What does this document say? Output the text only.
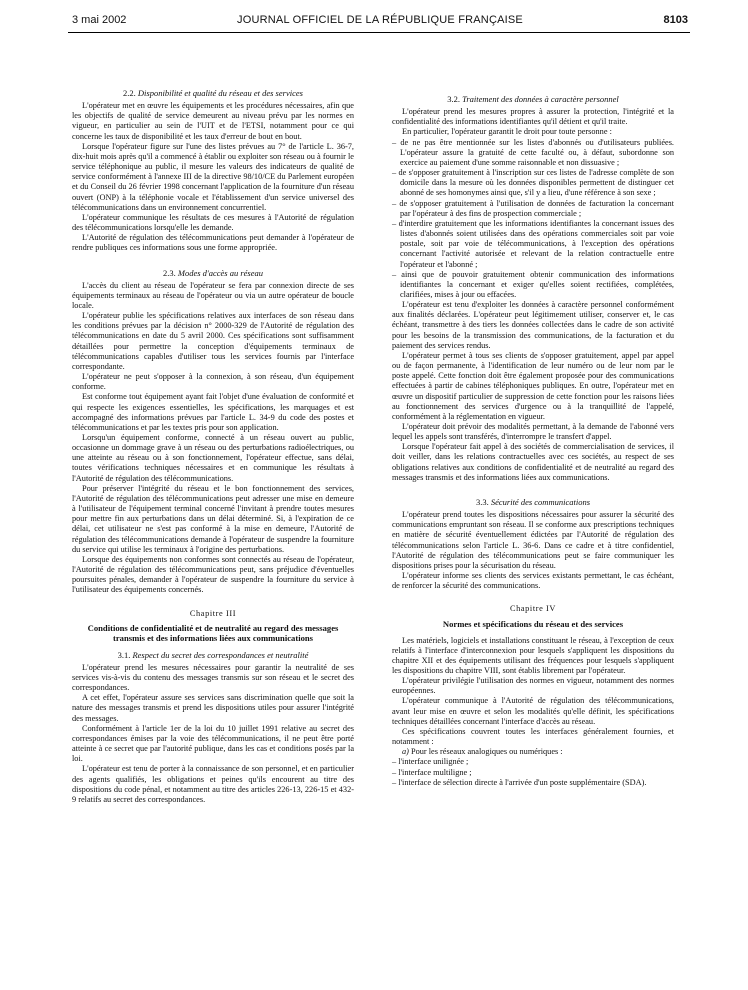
3 mai 2002	JOURNAL OFFICIEL DE LA RÉPUBLIQUE FRANÇAISE	8103
2.2. Disponibilité et qualité du réseau et des services

L'opérateur met en œuvre les équipements et les procédures nécessaires, afin que les objectifs de qualité de service demeurent au niveau prévu par les normes en vigueur, en particulier au sein de l'UIT et de l'ETSI, notamment pour ce qui concerne les taux de disponibilité et les taux d'erreur de bout en bout.

Lorsque l'opérateur figure sur l'une des listes prévues au 7° de l'article L. 36-7, dix-huit mois après qu'il a commencé à établir ou exploiter son réseau ou à fournir le service téléphonique au public, il mesure les valeurs des indicateurs de qualité de service conformément à l'annexe III de la directive 98/10/CE du Parlement européen et du Conseil du 26 février 1998 concernant l'application de la fourniture d'un réseau ouvert (ONP) à la téléphonie vocale et l'établissement d'un service universel des télécommunications dans un environnement concurrentiel.

L'opérateur communique les résultats de ces mesures à l'Autorité de régulation des télécommunications lorsqu'elle les demande.

L'Autorité de régulation des télécommunications peut demander à l'opérateur de rendre publiques ces informations sous une forme appropriée.

2.3. Modes d'accès au réseau

L'accès du client au réseau de l'opérateur se fera par connexion directe de ses équipements terminaux au réseau de l'opérateur ou via un autre opérateur de boucle locale.

L'opérateur publie les spécifications relatives aux interfaces de son réseau dans les conditions prévues par la décision n° 2000-329 de l'Autorité de régulation des télécommunications en date du 5 avril 2000. Ces spécifications sont suffisamment détaillées pour permettre la conception d'équipements terminaux de télécommunications capables d'utiliser tous les services fournis par l'interface correspondante.

L'opérateur ne peut s'opposer à la connexion, à son réseau, d'un équipement conforme.

Est conforme tout équipement ayant fait l'objet d'une évaluation de conformité et qui respecte les exigences essentielles, les spécifications, les marquages et est accompagné des informations prévues par l'article L. 34-9 du code des postes et télécommunications et par les textes pris pour son application.

Lorsqu'un équipement conforme, connecté à un réseau ouvert au public, occasionne un dommage grave à un réseau ou des perturbations radioélectriques, ou une atteinte au réseau ou à son fonctionnement, l'opérateur effectue, sans délai, toutes vérifications techniques nécessaires et en communique les résultats à l'Autorité de régulation des télécommunications.

Pour préserver l'intégrité du réseau et le bon fonctionnement des services, l'Autorité de régulation des télécommunications peut adresser une mise en demeure à l'utilisateur de l'équipement terminal concerné l'invitant à prendre toutes mesures pour mettre fin aux perturbations dans un délai déterminé. Si, à l'expiration de ce délai, cet utilisateur ne s'est pas conformé à la mise en demeure, l'Autorité de régulation des télécommunications demande à l'opérateur de suspendre la fourniture du service qui utilise les terminaux à l'origine des perturbations.

Lorsque des équipements non conformes sont connectés au réseau de l'opérateur, l'Autorité de régulation des télécommunications peut, sans préjudice d'éventuelles poursuites pénales, demander à l'opérateur de suspendre la fourniture du service à l'utilisateur des équipements concernés.

Chapitre III
Conditions de confidentialité et de neutralité au regard des messages transmis et des informations liées aux communications
3.1. Respect du secret des correspondances et neutralité

L'opérateur prend les mesures nécessaires pour garantir la neutralité de ses services vis-à-vis du contenu des messages transmis sur son réseau et le secret des correspondances.

A cet effet, l'opérateur assure ses services sans discrimination quelle que soit la nature des messages transmis et prend les dispositions utiles pour assurer l'intégrité des messages.

Conformément à l'article 1er de la loi du 10 juillet 1991 relative au secret des correspondances émises par la voie des télécommunications, il ne peut être porté atteinte à ce secret que par l'autorité publique, dans les cas et conditions posés par la loi.

L'opérateur est tenu de porter à la connaissance de son personnel, et en particulier des agents qualifiés, les obligations et peines qu'ils encourent au titre des dispositions du code pénal, et notamment au titre des articles 226-13, 226-15 et 432-9 relatifs au secret des correspondances.

3.2. Traitement des données à caractère personnel

L'opérateur prend les mesures propres à assurer la protection, l'intégrité et la confidentialité des informations identifiantes qu'il détient et qu'il traite.

En particulier, l'opérateur garantit le droit pour toute personne :

– de ne pas être mentionnée sur les listes d'abonnés ou d'utilisateurs publiées. L'opérateur assure la gratuité de cette faculté ou, à défaut, subordonne son exercice au paiement d'une somme raisonnable et non dissuasive ;

– de s'opposer gratuitement à l'inscription sur ces listes de l'adresse complète de son domicile dans la mesure où les données disponibles permettent de distinguer cet abonné de ses homonymes ainsi que, s'il y a lieu, d'une référence à son sexe ;

– de s'opposer gratuitement à l'utilisation de données de facturation la concernant par l'opérateur à des fins de prospection commerciale ;

– d'interdire gratuitement que les informations identifiantes la concernant issues des listes d'abonnés soient utilisées dans des opérations commerciales soit par voie postale, soit par voie de télécommunications, à l'exception des opérations concernant l'activité autorisée et relevant de la relation contractuelle entre l'opérateur et l'abonné ;

– ainsi que de pouvoir gratuitement obtenir communication des informations identifiantes la concernant et exiger qu'elles soient rectifiées, complétées, clarifiées, mises à jour ou effacées.

L'opérateur est tenu d'exploiter les données à caractère personnel conformément aux finalités déclarées. L'opérateur peut légitimement utiliser, conserver et, le cas échéant, transmettre à des tiers les données collectées dans le cadre de son activité pour les besoins de la transmission des communications, de la facturation et du paiement des services rendus.

L'opérateur permet à tous ses clients de s'opposer gratuitement, appel par appel ou de façon permanente, à l'identification de leur numéro ou de leur nom par le poste appelé. Cette fonction doit être également proposée pour des communications effectuées à partir de cabines téléphoniques publiques. En outre, l'opérateur met en œuvre un dispositif particulier de suppression de cette fonction pour les raisons liées au fonctionnement des services d'urgence ou à la tranquillité de l'appelé, conformément à la réglementation en vigueur.

L'opérateur doit prévoir des modalités permettant, à la demande de l'abonné vers lequel les appels sont transférés, d'interrompre le transfert d'appel.

Lorsque l'opérateur fait appel à des sociétés de commercialisation de services, il doit veiller, dans les relations contractuelles avec ces sociétés, au respect de ses obligations relatives aux conditions de confidentialité et de neutralité au regard des messages transmis et des informations liées aux communications.

3.3. Sécurité des communications

L'opérateur prend toutes les dispositions nécessaires pour assurer la sécurité des communications empruntant son réseau. Il se conforme aux prescriptions techniques en matière de sécurité éventuellement édictées par l'Autorité de régulation des télécommunications selon l'article L. 36-6. Dans ce cadre et à titre confidentiel, l'Autorité de régulation des télécommunications peut se faire communiquer les dispositions prises pour la sécurisation du réseau.

L'opérateur informe ses clients des services existants permettant, le cas échéant, de renforcer la sécurité des communications.

Chapitre IV
Normes et spécifications du réseau et des services

Les matériels, logiciels et installations constituant le réseau, à l'exception de ceux relatifs à l'interface d'interconnexion pour lesquels s'appliquent les dispositions du chapitre XII et des équipements utilisant des fréquences pour lesquels s'appliquent les dispositions du chapitre VIII, sont établis librement par l'opérateur.

L'opérateur privilégie l'utilisation des normes en vigueur, notamment des normes européennes.

L'opérateur communique à l'Autorité de régulation des télécommunications, avant leur mise en œuvre et selon les modalités qu'elle définit, les spécifications techniques détaillées concernant l'interface d'accès au réseau.

Ces spécifications couvrent toutes les interfaces généralement fournies, et notamment :

a) Pour les réseaux analogiques ou numériques :

– l'interface unilignée ;

– l'interface multiligne ;

– l'interface de sélection directe à l'arrivée d'un poste supplémentaire (SDA).
